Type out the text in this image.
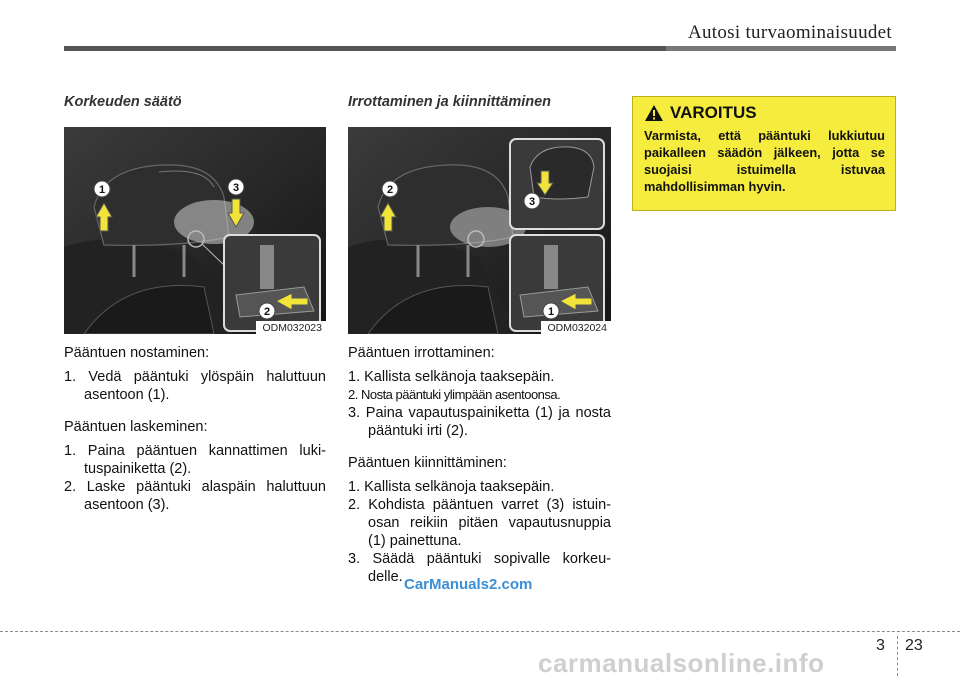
Autosi turvaominaisuudet
Korkeuden säätö
1	3
2
ODM032023

Pääntuen nostaminen:

1. Vedä pääntuki ylöspäin haluttuun asentoon (1).

Pääntuen laskeminen:

1. Paina pääntuen kannattimen luki-tuspainiketta (2).

2. Laske pääntuki alaspäin haluttuun asentoon (3).

Irrottaminen ja kiinnittäminen
2
3
1
ODM032024

Pääntuen irrottaminen:

1. Kallista selkänoja taaksepäin.

2. Nosta pääntuki ylimpään asentoonsa.

3. Paina vapautuspainiketta (1) ja nosta pääntuki irti (2).

Pääntuen kiinnittäminen:

1. Kallista selkänoja taaksepäin.

2. Kohdista pääntuen varret (3) istuin-osan reikiin pitäen vapautusnuppia (1) painettuna.

3. Säädä pääntuki sopivalle korkeu-delle. CarManuals2.com
VAROITUS
Varmista, että pääntuki lukkiutuu paikalleen säädön jälkeen, jotta se suojaisi istuimella istuvaa mahdollisimman hyvin.
3 23
carmanualsonline.info
